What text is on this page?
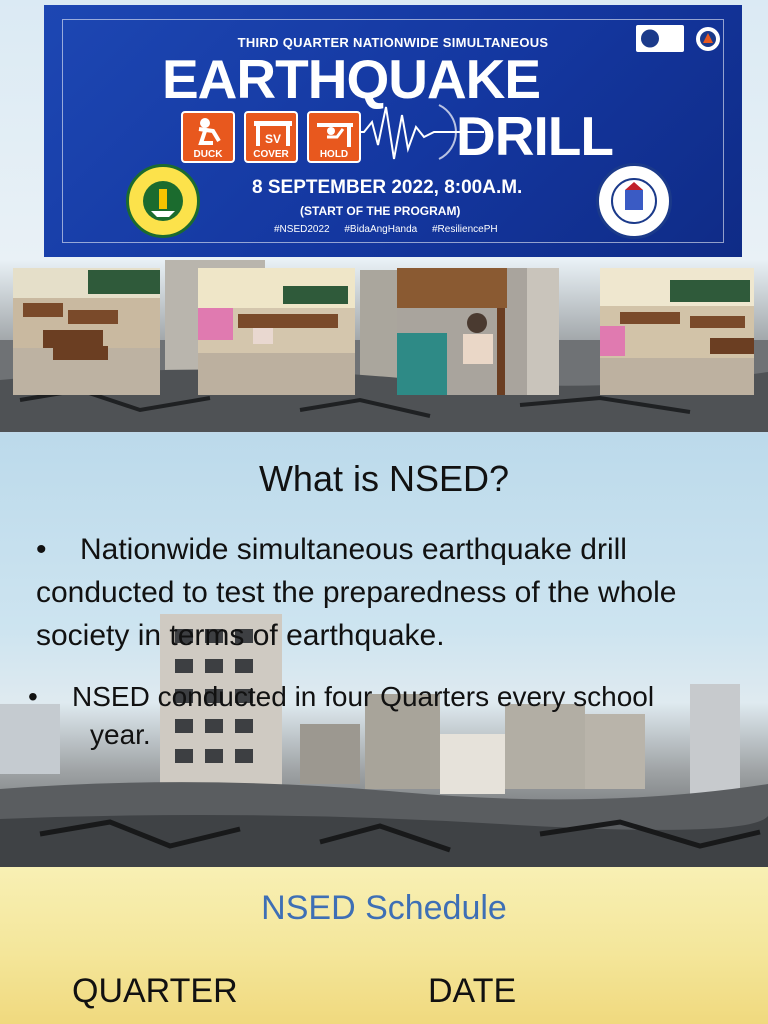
THIRD QUARTER NATIONWIDE SIMULTANEOUS
EARTHQUAKE
DRILL
DUCK
SV
COVER	HOLD
8 SEPTEMBER 2022, 8:00A.M.
(START OF THE PROGRAM)
#NSED2022 #BidaAngHanda #ResiliencePH
What is NSED?
• Nationwide simultaneous earthquake drill conducted to test the preparedness of the whole society in terms of earthquake.
• NSED conducted in four Quarters every school
year.
NSED Schedule
QUARTER	DATE
